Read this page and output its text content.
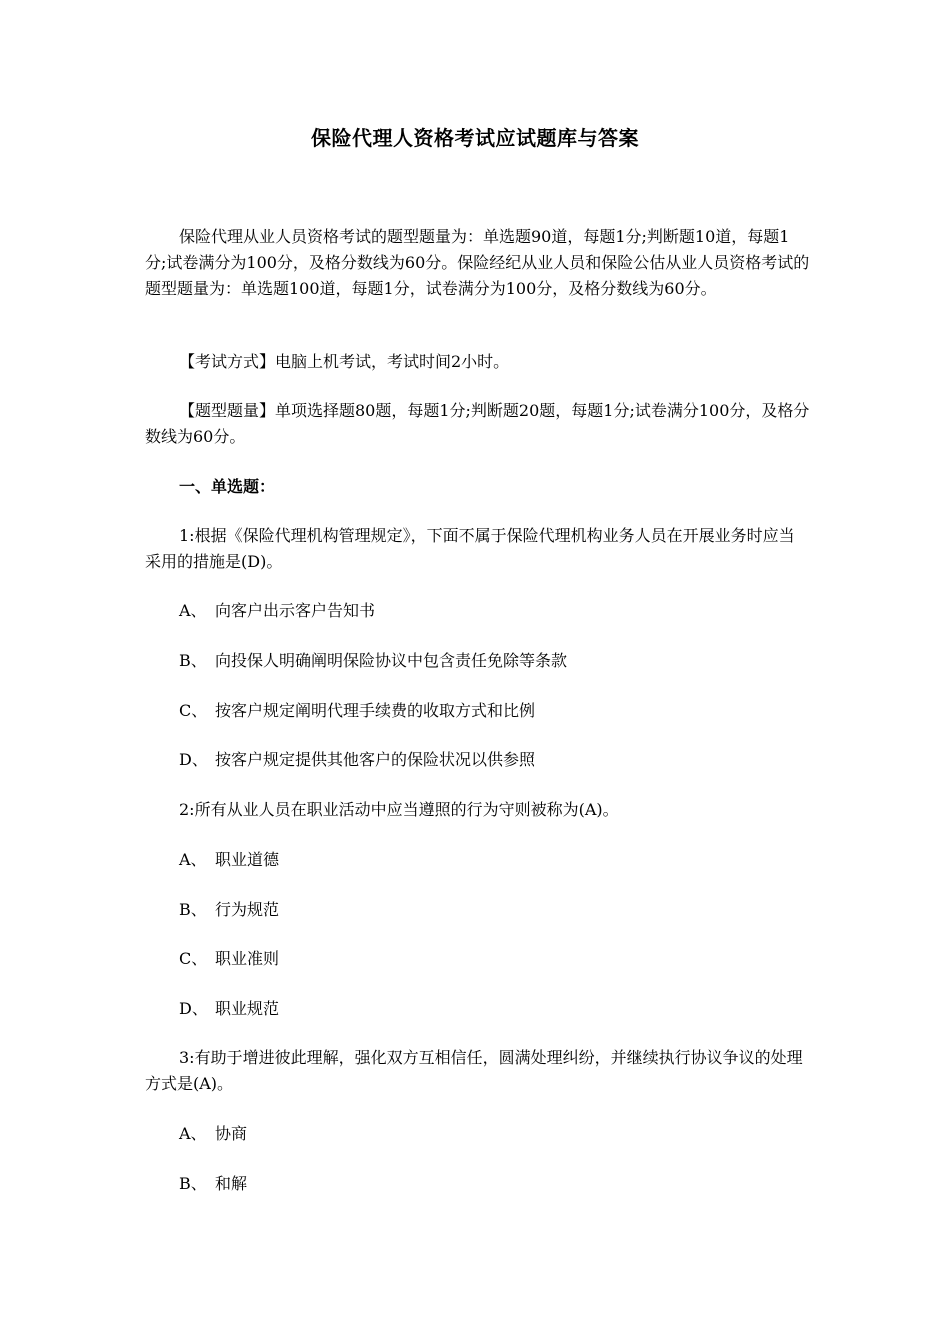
保险代理人资格考试应试题库与答案

保险代理从业人员资格考试的题型题量为：单选题90道，每题1分;判断题10道，每题1分;试卷满分为100分，及格分数线为60分。保险经纪从业人员和保险公估从业人员资格考试的题型题量为：单选题100道，每题1分，试卷满分为100分，及格分数线为60分。

【考试方式】电脑上机考试，考试时间2小时。

【题型题量】单项选择题80题，每题1分;判断题20题，每题1分;试卷满分100分，及格分数线为60分。

一、单选题：

1:根据《保险代理机构管理规定》，下面不属于保险代理机构业务人员在开展业务时应当采用的措施是(D)。

A、 向客户出示客户告知书
B、 向投保人明确阐明保险协议中包含责任免除等条款
C、 按客户规定阐明代理手续费的收取方式和比例
D、 按客户规定提供其他客户的保险状况以供参照

2:所有从业人员在职业活动中应当遵照的行为守则被称为(A)。

A、 职业道德
B、 行为规范
C、 职业准则
D、 职业规范

3:有助于增进彼此理解，强化双方互相信任，圆满处理纠纷，并继续执行协议争议的处理方式是(A)。

A、 协商
B、 和解
